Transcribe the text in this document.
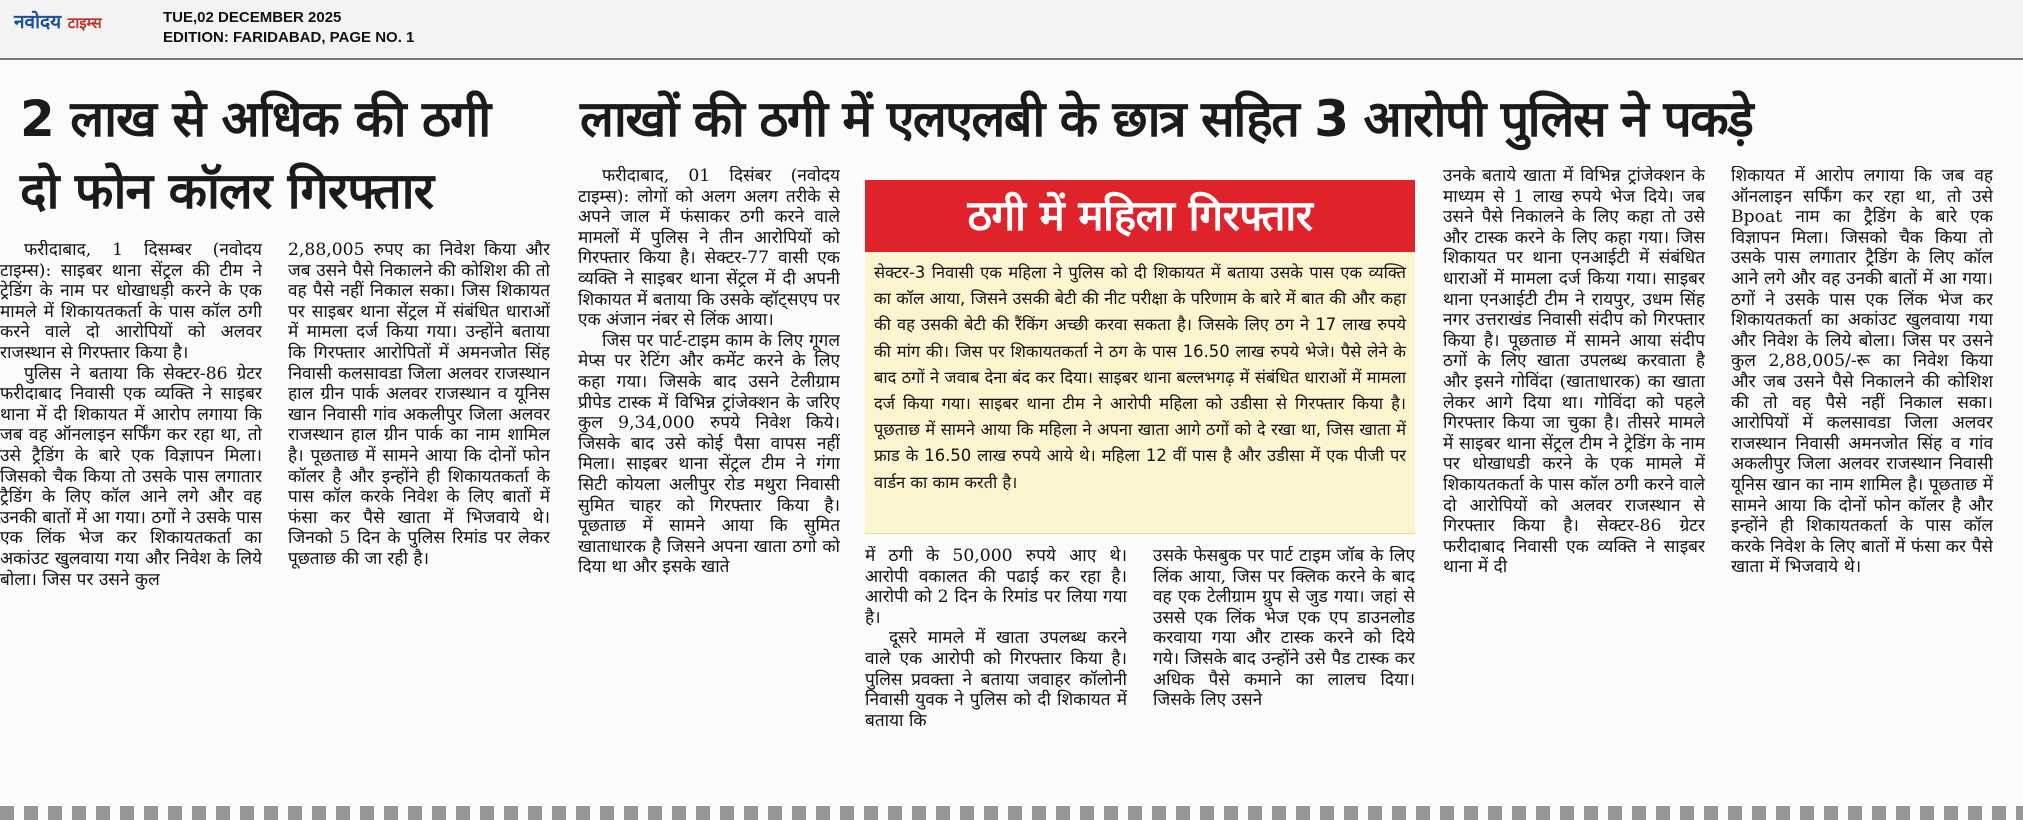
नवोदय टाइम्स	TUE,02 DECEMBER 2025
EDITION: FARIDABAD, PAGE NO. 1
2 लाख से अधिक की ठगी
दो फोन कॉलर गिरफ्तार

फरीदाबाद, 1 दिसम्बर (नवोदय टाइम्स): साइबर थाना सेंट्रल की टीम ने ट्रेडिंग के नाम पर धोखाधड़ी करने के एक मामले में शिकायतकर्ता के पास कॉल ठगी करने वाले दो आरोपियों को अलवर राजस्थान से गिरफ्तार किया है।

पुलिस ने बताया कि सेक्टर-86 ग्रेटर फरीदाबाद निवासी एक व्यक्ति ने साइबर थाना में दी शिकायत में आरोप लगाया कि जब वह ऑनलाइन सर्फिंग कर रहा था, तो उसे ट्रैडिंग के बारे एक विज्ञापन मिला। जिसको चैक किया तो उसके पास लगातार ट्रैडिंग के लिए कॉल आने लगे और वह उनकी बातों में आ गया। ठगों ने उसके पास एक लिंक भेज कर शिकायतकर्ता का अकांउट खुलवाया गया और निवेश के लिये बोला। जिस पर उसने कुल

2,88,005 रुपए का निवेश किया और जब उसने पैसे निकालने की कोशिश की तो वह पैसे नहीं निकाल सका। जिस शिकायत पर साइबर थाना सेंट्रल में संबंधित धाराओं में मामला दर्ज किया गया। उन्होंने बताया कि गिरफ्तार आरोपितों में अमनजोत सिंह निवासी कलसावडा जिला अलवर राजस्थान हाल ग्रीन पार्क अलवर राजस्थान व यूनिस खान निवासी गांव अकलीपुर जिला अलवर राजस्थान हाल ग्रीन पार्क का नाम शामिल है। पूछताछ में सामने आया कि दोनों फोन कॉलर है और इन्होंने ही शिकायतकर्ता के पास कॉल करके निवेश के लिए बातों में फंसा कर पैसे खाता में भिजवाये थे। जिनको 5 दिन के पुलिस रिमांड पर लेकर पूछताछ की जा रही है।

लाखों की ठगी में एलएलबी के छात्र सहित 3 आरोपी पुलिस ने पकड़े

फरीदाबाद, 01 दिसंबर (नवोदय टाइम्स): लोगों को अलग अलग तरीके से अपने जाल में फंसाकर ठगी करने वाले मामलों में पुलिस ने तीन आरोपियों को गिरफ्तार किया है। सेक्टर-77 वासी एक व्यक्ति ने साइबर थाना सेंट्रल में दी अपनी शिकायत में बताया कि उसके व्हॉट्सएप पर एक अंजान नंबर से लिंक आया।

जिस पर पार्ट-टाइम काम के लिए गूगल मेप्स पर रेटिंग और कमेंट करने के लिए कहा गया। जिसके बाद उसने टेलीग्राम प्रीपेड टास्क में विभिन्न ट्रांजेक्शन के जरिए कुल 9,34,000 रुपये निवेश किये। जिसके बाद उसे कोई पैसा वापस नहीं मिला। साइबर थाना सेंट्रल टीम ने गंगा सिटी कोयला अलीपुर रोड मथुरा निवासी सुमित चाहर को गिरफ्तार किया है। पूछताछ में सामने आया कि सुमित खाताधारक है जिसने अपना खाता ठगो को दिया था और इसके खाते

ठगी में महिला गिरफ्तार
सेक्टर-3 निवासी एक महिला ने पुलिस को दी शिकायत में बताया उसके पास एक व्यक्ति का कॉल आया, जिसने उसकी बेटी की नीट परीक्षा के परिणाम के बारे में बात की और कहा की वह उसकी बेटी की रैंकिंग अच्छी करवा सकता है। जिसके लिए ठग ने 17 लाख रुपये की मांग की। जिस पर शिकायतकर्ता ने ठग के पास 16.50 लाख रुपये भेजे। पैसे लेने के बाद ठगों ने जवाब देना बंद कर दिया। साइबर थाना बल्लभगढ़ में संबंधित धाराओं में मामला दर्ज किया गया। साइबर थाना टीम ने आरोपी महिला को उडीसा से गिरफ्तार किया है। पूछताछ में सामने आया कि महिला ने अपना खाता आगे ठगों को दे रखा था, जिस खाता में फ्राड के 16.50 लाख रुपये आये थे। महिला 12 वीं पास है और उडीसा में एक पीजी पर वार्डन का काम करती है।

में ठगी के 50,000 रुपये आए थे। आरोपी वकालत की पढाई कर रहा है। आरोपी को 2 दिन के रिमांड पर लिया गया है।

दूसरे मामले में खाता उपलब्ध करने वाले एक आरोपी को गिरफ्तार किया है। पुलिस प्रवक्ता ने बताया जवाहर कॉलोनी निवासी युवक ने पुलिस को दी शिकायत में बताया कि

उसके फेसबुक पर पार्ट टाइम जॉब के लिए लिंक आया, जिस पर क्लिक करने के बाद वह एक टेलीग्राम ग्रुप से जुड गया। जहां से उससे एक लिंक भेज एक एप डाउनलोड करवाया गया और टास्क करने को दिये गये। जिसके बाद उन्होंने उसे पैड टास्क कर अधिक पैसे कमाने का लालच दिया। जिसके लिए उसने

उनके बताये खाता में विभिन्न ट्रांजेक्शन के माध्यम से 1 लाख रुपये भेज दिये। जब उसने पैसे निकालने के लिए कहा तो उसे और टास्क करने के लिए कहा गया। जिस शिकायत पर थाना एनआईटी में संबंधित धाराओं में मामला दर्ज किया गया। साइबर थाना एनआईटी टीम ने रायपुर, उधम सिंह नगर उत्तराखंड निवासी संदीप को गिरफ्तार किया है। पूछताछ में सामने आया संदीप ठगों के लिए खाता उपलब्ध करवाता है और इसने गोविंदा (खाताधारक) का खाता लेकर आगे दिया था। गोविंदा को पहले गिरफ्तार किया जा चुका है। तीसरे मामले में साइबर थाना सेंट्रल टीम ने ट्रेडिंग के नाम पर धोखाधडी करने के एक मामले में शिकायतकर्ता के पास कॉल ठगी करने वाले दो आरोपियों को अलवर राजस्थान से गिरफ्तार किया है। सेक्टर-86 ग्रेटर फरीदाबाद निवासी एक व्यक्ति ने साइबर थाना में दी

शिकायत में आरोप लगाया कि जब वह ऑनलाइन सर्फिंग कर रहा था, तो उसे Bpoat नाम का ट्रैडिंग के बारे एक विज्ञापन मिला। जिसको चैक किया तो उसके पास लगातार ट्रैडिंग के लिए कॉल आने लगे और वह उनकी बातों में आ गया। ठगों ने उसके पास एक लिंक भेज कर शिकायतकर्ता का अकांउट खुलवाया गया और निवेश के लिये बोला। जिस पर उसने कुल 2,88,005/-रू का निवेश किया और जब उसने पैसे निकालने की कोशिश की तो वह पैसे नहीं निकाल सका। आरोपियों में कलसावडा जिला अलवर राजस्थान निवासी अमनजोत सिंह व गांव अकलीपुर जिला अलवर राजस्थान निवासी यूनिस खान का नाम शामिल है। पूछताछ में सामने आया कि दोनों फोन कॉलर है और इन्होंने ही शिकायतकर्ता के पास कॉल करके निवेश के लिए बातों में फंसा कर पैसे खाता में भिजवाये थे।
